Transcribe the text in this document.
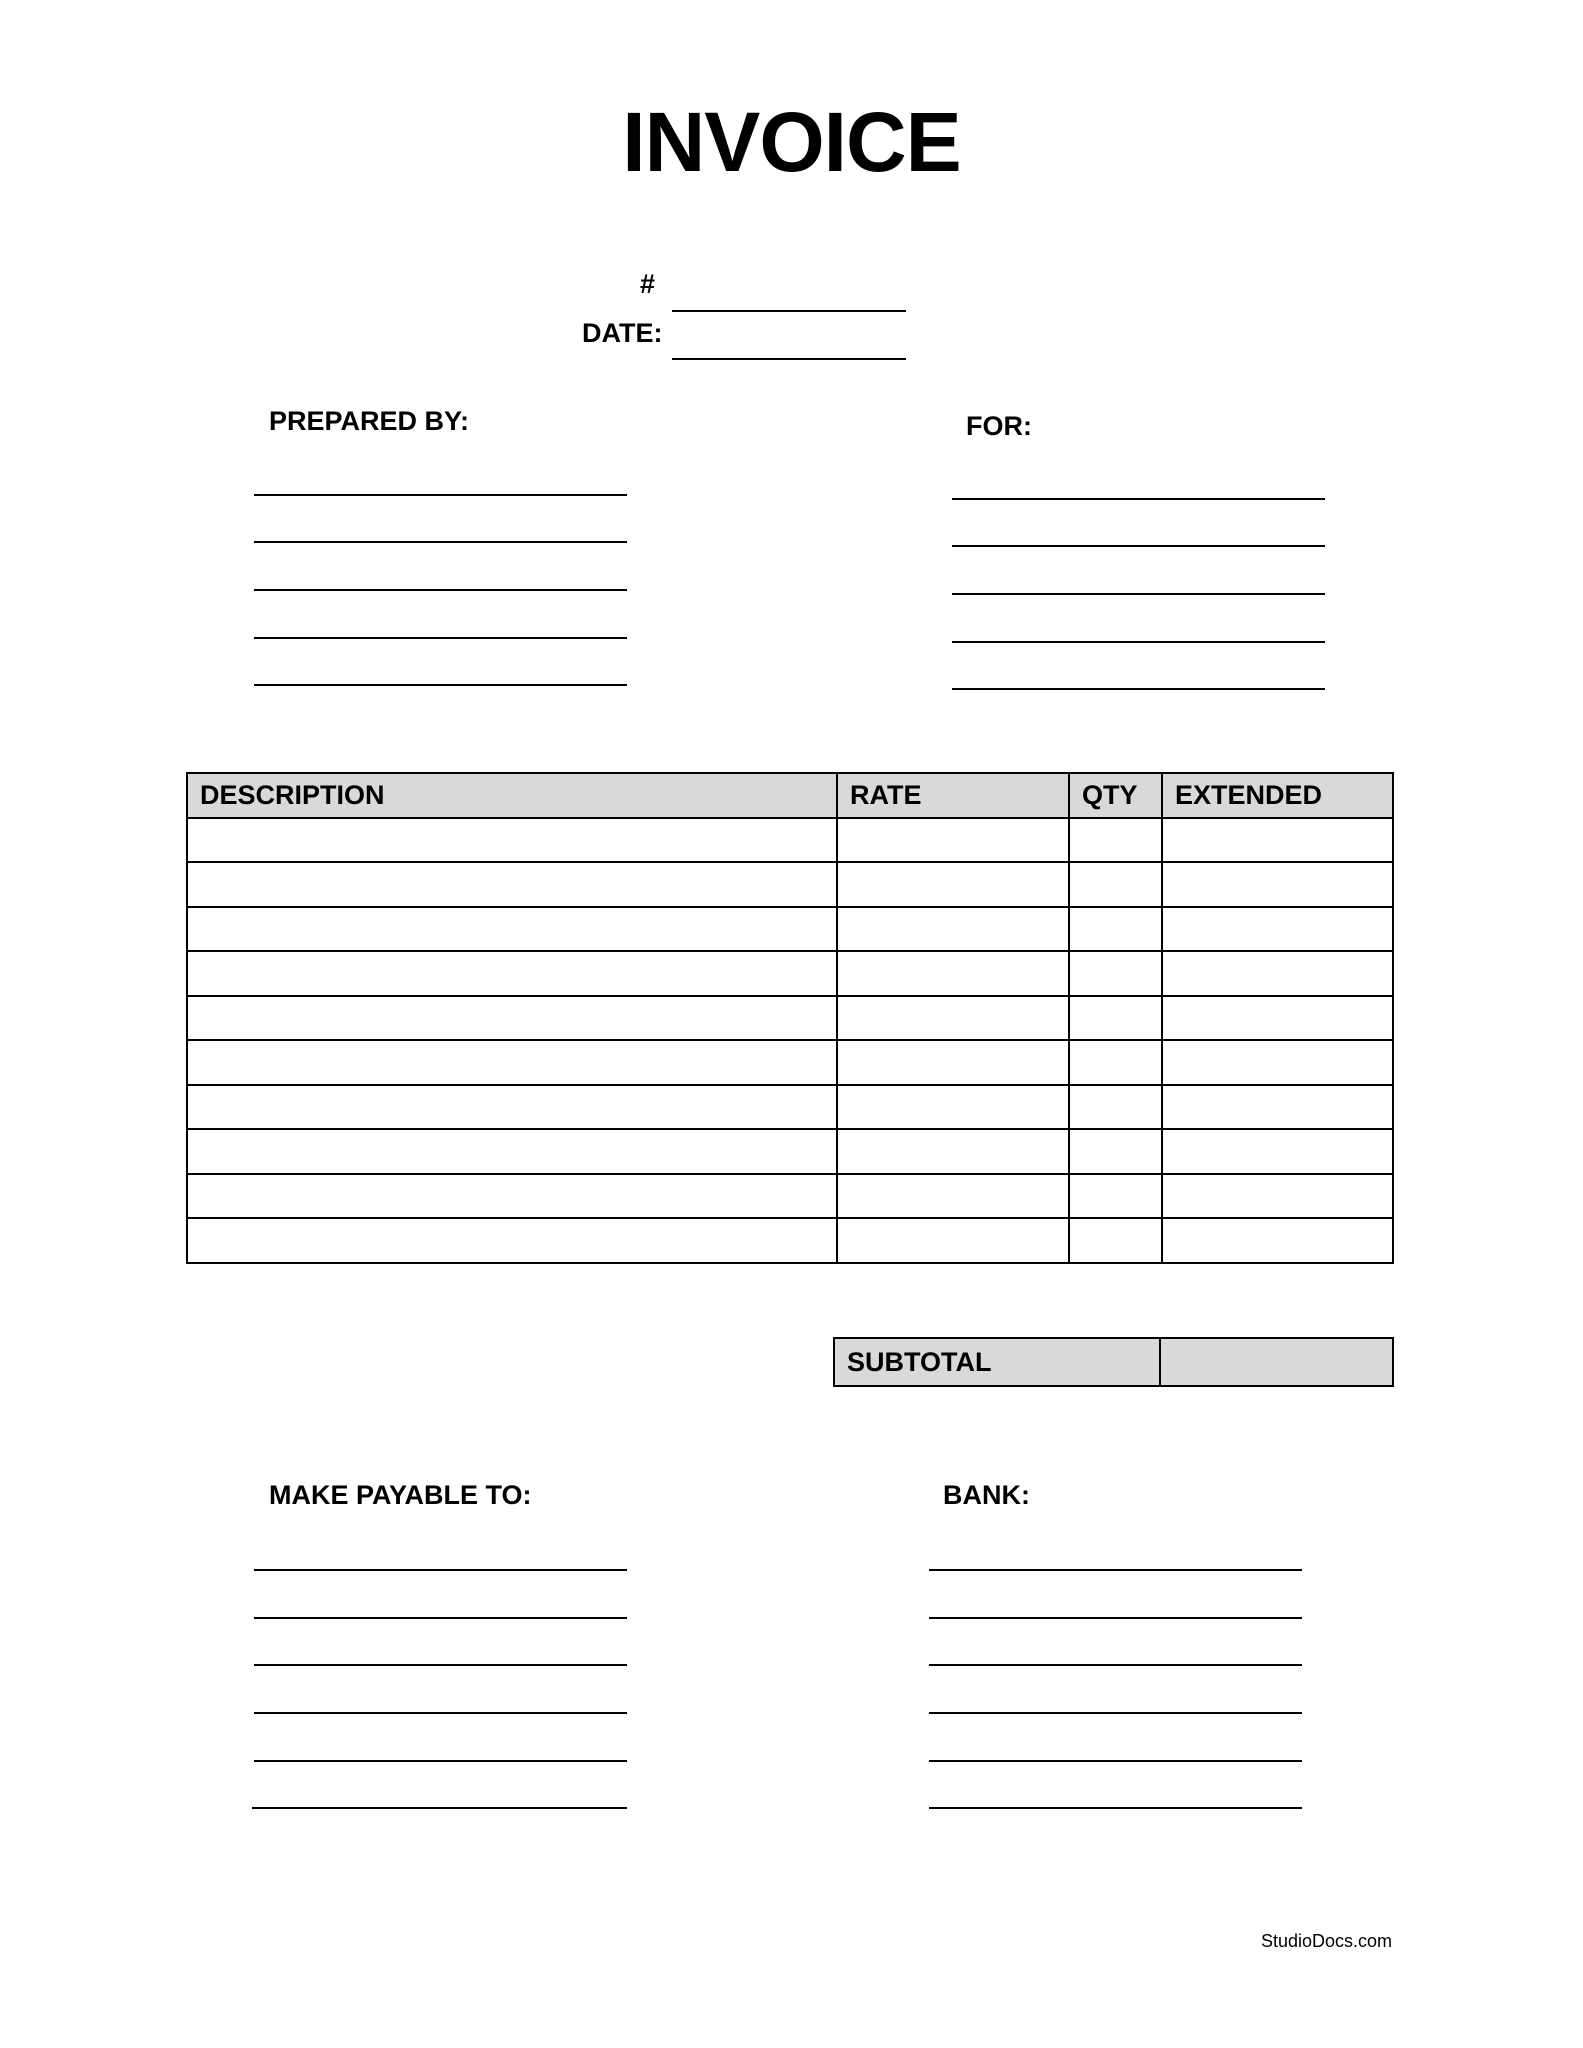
INVOICE
#
DATE:
PREPARED BY:	FOR:
DESCRIPTION	RATE	QTY	EXTENDED

SUBTOTAL	
MAKE PAYABLE TO:	BANK:
StudioDocs.com
